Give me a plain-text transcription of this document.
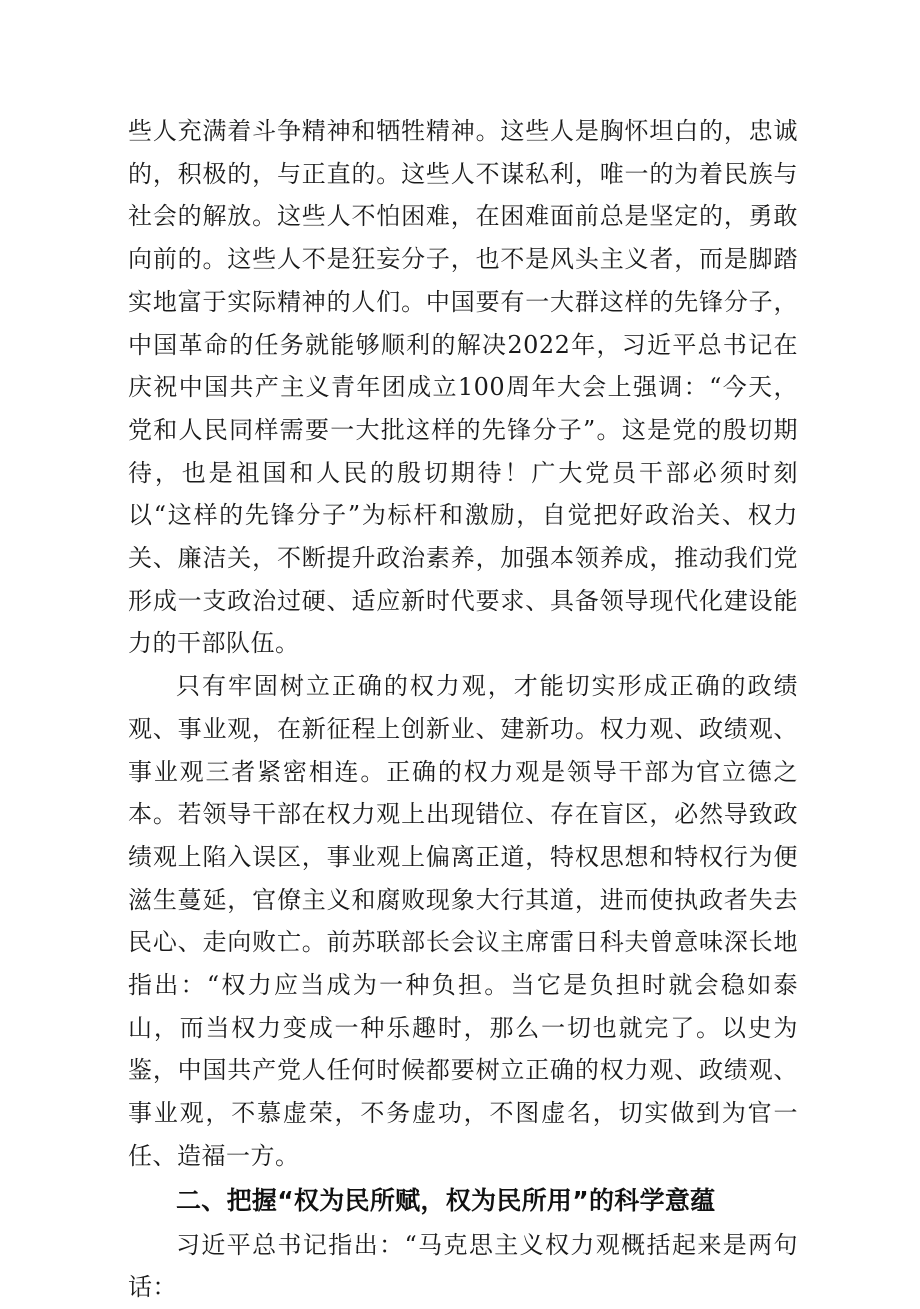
些人充满着斗争精神和牺牲精神。这些人是胸怀坦白的，忠诚的，积极的，与正直的。这些人不谋私利，唯一的为着民族与社会的解放。这些人不怕困难，在困难面前总是坚定的，勇敢向前的。这些人不是狂妄分子，也不是风头主义者，而是脚踏实地富于实际精神的人们。中国要有一大群这样的先锋分子，中国革命的任务就能够顺利的解决2022年，习近平总书记在庆祝中国共产主义青年团成立100周年大会上强调：“今天，党和人民同样需要一大批这样的先锋分子”。这是党的殷切期待，也是祖国和人民的殷切期待！广大党员干部必须时刻以“这样的先锋分子”为标杆和激励，自觉把好政治关、权力关、廉洁关，不断提升政治素养，加强本领养成，推动我们党形成一支政治过硬、适应新时代要求、具备领导现代化建设能力的干部队伍。

只有牢固树立正确的权力观，才能切实形成正确的政绩观、事业观，在新征程上创新业、建新功。权力观、政绩观、事业观三者紧密相连。正确的权力观是领导干部为官立德之本。若领导干部在权力观上出现错位、存在盲区，必然导致政绩观上陷入误区，事业观上偏离正道，特权思想和特权行为便滋生蔓延，官僚主义和腐败现象大行其道，进而使执政者失去民心、走向败亡。前苏联部长会议主席雷日科夫曾意味深长地指出：“权力应当成为一种负担。当它是负担时就会稳如泰山，而当权力变成一种乐趣时，那么一切也就完了。以史为鉴，中国共产党人任何时候都要树立正确的权力观、政绩观、事业观，不慕虚荣，不务虚功，不图虚名，切实做到为官一任、造福一方。

二、把握“权为民所赋，权为民所用”的科学意蕴

习近平总书记指出：“马克思主义权力观概括起来是两句话：
